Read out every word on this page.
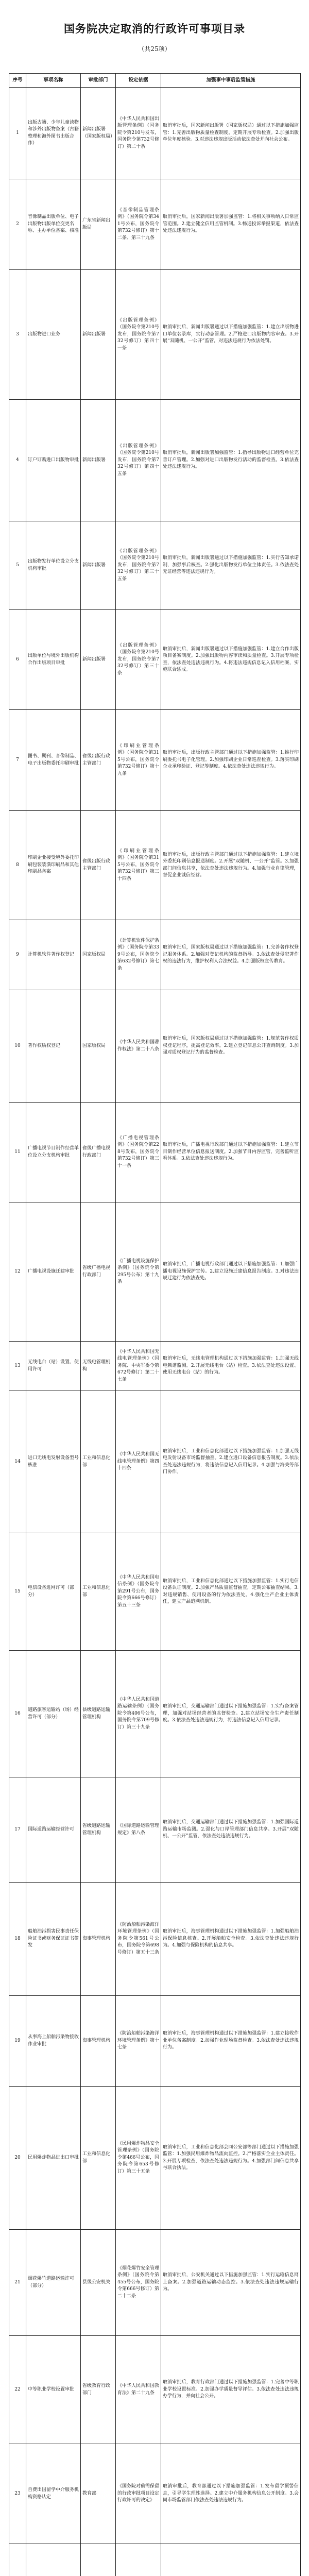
国务院决定取消的行政许可事项目录
（共25项）
序号	事项名称	审批部门	设定依据	加强事中事后监管措施
1	出版古籍、少年儿童读物和涉外出版物备案（古籍整理和海外图书出版合作）	新闻出版署（国家版权局）	《中华人民共和国出版管理条例》（国务院令第210号发布，国务院令第732号修订）第二十条	取消审批后，国家新闻出版署（国家版权局）通过以下措施加强监管：1.完善出版物质量检查制度，定期开展专项检查。2.加强出版单位年度核验。3.对违法违规出版活动依法查处并向社会公布。
2	音像制品出版单位、电子出版物出版单位变更名称、主办单位备案、核准	广东省新闻出版局	《音像制品管理条例》（国务院令第341号公布，国务院令第732号修订）第十二条、第三十九条	取消审批后，国家新闻出版署加强监管：1.将相关事项纳入日常监管范围。2.建立健全信用监管机制。3.畅通投诉举报渠道，依法查处违法违规行为。
3	出版物进口业务	新闻出版署	《出版管理条例》（国务院令第210号发布，国务院令第732号修订）第四十一条	取消审批后，新闻出版署通过以下措施加强监管：1.建立出版物进口单位名录库，实行动态管理。2.严格进口出版物内容审查。3.开展“双随机、一公开”监管，对违法违规行为依法处罚。
4	订户订购进口出版物审批	新闻出版署	《出版管理条例》（国务院令第210号发布，国务院令第732号修订）第四十五条	取消审批后，新闻出版署加强监管：1.指导出版物进口经营单位完善订户管理。2.加强对进口出版物发行活动的监督检查。3.依法查处违法违规行为。
5	出版物发行单位设立分支机构审批	新闻出版署	《出版管理条例》（国务院令第210号发布，国务院令第732号修订）第三十五条	取消审批后，新闻出版署通过以下措施加强监管：1.实行告知承诺制，加强事后核查。2.强化出版物发行单位主体责任。3.依法查处无证经营等违法违规行为。
6	出版单位与境外出版机构合作出版项目审批	新闻出版署	《出版管理条例》（国务院令第210号发布，国务院令第732号修订）第三十条	取消审批后，新闻出版署通过以下措施加强监管：1.建立合作出版项目备案制度。2.加强出版物内容审读和质量检查。3.开展专项检查，依法查处违法违规行为。4.将违法违规信息记入信用档案，实施联合惩戒。
7	图书、期刊、音像制品、电子出版物委托印刷审批	省级出版行政主管部门	《印刷业管理条例》（国务院令第315号公布，国务院令第732号修订）第十九条	取消审批后，出版行政主管部门通过以下措施加强监管：1.推行印刷委托书电子化管理。2.加强印刷企业日常巡查检查。3.落实印刷企业承印验证、登记等制度。4.依法查处违法违规行为。
8	印刷企业接受境外委托印刷包装装潢印刷品和其他印刷品备案	省级出版行政主管部门	《印刷业管理条例》（国务院令第315号公布，国务院令第732号修订）第三十四条	取消审批后，出版行政主管部门通过以下措施加强监管：1.建立境外委托印刷信息报送制度。2.开展“双随机、一公开”监管。3.加强部门间信息共享，依法查处违法违规行为。4.加强行业自律管理，督促企业诚信经营。
9	计算机软件著作权登记	国家版权局	《计算机软件保护条例》（国务院令第339号公布，国务院令第632号修订）第七条	取消审批后，国家版权局通过以下措施加强监管：1.完善著作权登记服务体系。2.加强对登记机构的监督指导。3.依法查处侵犯著作权的违法行为，维护权利人合法权益。4.加强版权宣传教育。
10	著作权质权登记	国家版权局	《中华人民共和国著作权法》第二十八条	取消审批后，国家版权局通过以下措施加强监管：1.规范著作权质权登记程序，提高登记效率。2.建立登记信息公开查询制度。3.加强对质权登记行为的监督检查。
11	广播电视节目制作经营单位设立分支机构审批	省级广播电视行政部门	《广播电视管理条例》（国务院令第228号发布，国务院令第732号修订）第三十一条	取消审批后，广播电视行政部门通过以下措施加强监管：1.建立节目制作经营单位信息报送制度。2.加强节目内容监管，完善监听监看体系。3.依法查处违法违规行为。
12	广播电视设施迁建审批	省级广播电视行政部门	《广播电视设施保护条例》（国务院令第295号公布）第十九条	取消审批后，广播电视行政部门通过以下措施加强监管：1.加强广播电视设施保护宣传。2.建立设施迁建信息报告制度。3.对违法违规迁建行为依法查处。
13	无线电台（站）设置、使用许可	无线电管理机构	《中华人民共和国无线电管理条例》（国务院、中央军委令第672号修订）第二十七条	取消审批后，无线电管理机构通过以下措施加强监管：1.加强无线电频谱监测。2.开展无线电台（站）检查。3.依法查处违法设置、使用无线电台（站）的行为。
14	进口无线电发射设备型号核准	工业和信息化部	《中华人民共和国无线电管理条例》第四十四条	取消审批后，工业和信息化部通过以下措施加强监管：1.加强无线电发射设备市场监督抽查。2.建立进口设备信息报告制度。3.依法查处违法违规行为，将违法信息记入信用记录。4.加强与海关等部门协作。
15	电信设备进网许可（部分）	工业和信息化部	《中华人民共和国电信条例》（国务院令第291号公布，国务院令第666号修订）第五十三条	取消审批后，工业和信息化部通过以下措施加强监管：1.实行电信设备认证制度。2.加强产品质量监督抽查，定期公布抽查结果。3.对违规销售、使用设备的行为依法查处。4.强化生产企业主体责任，建立产品追溯机制。
16	道路旅客运输站（场）经营许可（部分）	县级道路运输管理机构	《中华人民共和国道路运输条例》（国务院令第406号公布，国务院令第709号修订）第三十九条	取消审批后，交通运输部门通过以下措施加强监管：1.实行备案管理，加强对站场经营者的监督检查。2.建立站场安全生产责任制度。3.依法查处违法违规行为，将违法信息记入信用记录。
17	国际道路运输经营许可	省级道路运输管理机构	《国际道路运输管理规定》第八条	取消审批后，交通运输部门通过以下措施加强监管：1.加强国际道路运输市场监测。2.强化与口岸管理部门信息共享。3.开展“双随机、一公开”监管，依法查处违法违规行为。
18	船舶油污损害民事责任保险证书或财务保证证书签发	海事管理机构	《防治船舶污染海洋环境管理条例》（国务院令第561号公布，国务院令第698号修订）第五十三条	取消审批后，海事管理机构通过以下措施加强监管：1.加强船舶油污保险信息核查。2.开展船舶安全检查。3.依法查处违法违规行为。4.加强与保险机构的信息共享。
19	从事海上船舶污染物接收作业审批	海事管理机构	《防治船舶污染海洋环境管理条例》第十七条	取消审批后，海事管理机构通过以下措施加强监管：1.建立接收作业单位备案制度。2.加强作业现场监督检查。3.依法查处违法违规行为。
20	民用爆炸物品进出口审批	工业和信息化部	《民用爆炸物品安全管理条例》（国务院令第466号公布，国务院令第653号修订）第三十五条	取消审批后，工业和信息化部会同公安部等部门通过以下措施加强监管：1.加强民用爆炸物品流向监控。2.严格落实企业主体责任。3.开展专项检查，依法查处违法违规行为。4.加强部门间信息共享与联合执法。
21	烟花爆竹道路运输许可（部分）	县级公安机关	《烟花爆竹安全管理条例》（国务院令第455号公布，国务院令第666号修订）第二十二条	取消审批后，公安机关通过以下措施加强监管：1.实行运输信息网上备案。2.加强道路运输动态监控。3.依法查处违法违规运输行为。
22	中等职业学校设置审批	省级教育行政部门	《中华人民共和国教育法》第二十九条	取消审批后，教育行政部门通过以下措施加强监管：1.完善中等职业学校设置标准。2.加强办学质量督导评估。3.依法查处违法违规办学行为，并向社会公开。
23	自费出国留学中介服务机构资格认定	教育部	《国务院对确需保留的行政审批项目设定行政许可的决定》	取消审批后，教育部通过以下措施加强监管：1.发布留学预警信息，引导学生理性选择。2.建立中介服务机构信息公开制度。3.会同市场监管部门依法查处违法违规行为。
